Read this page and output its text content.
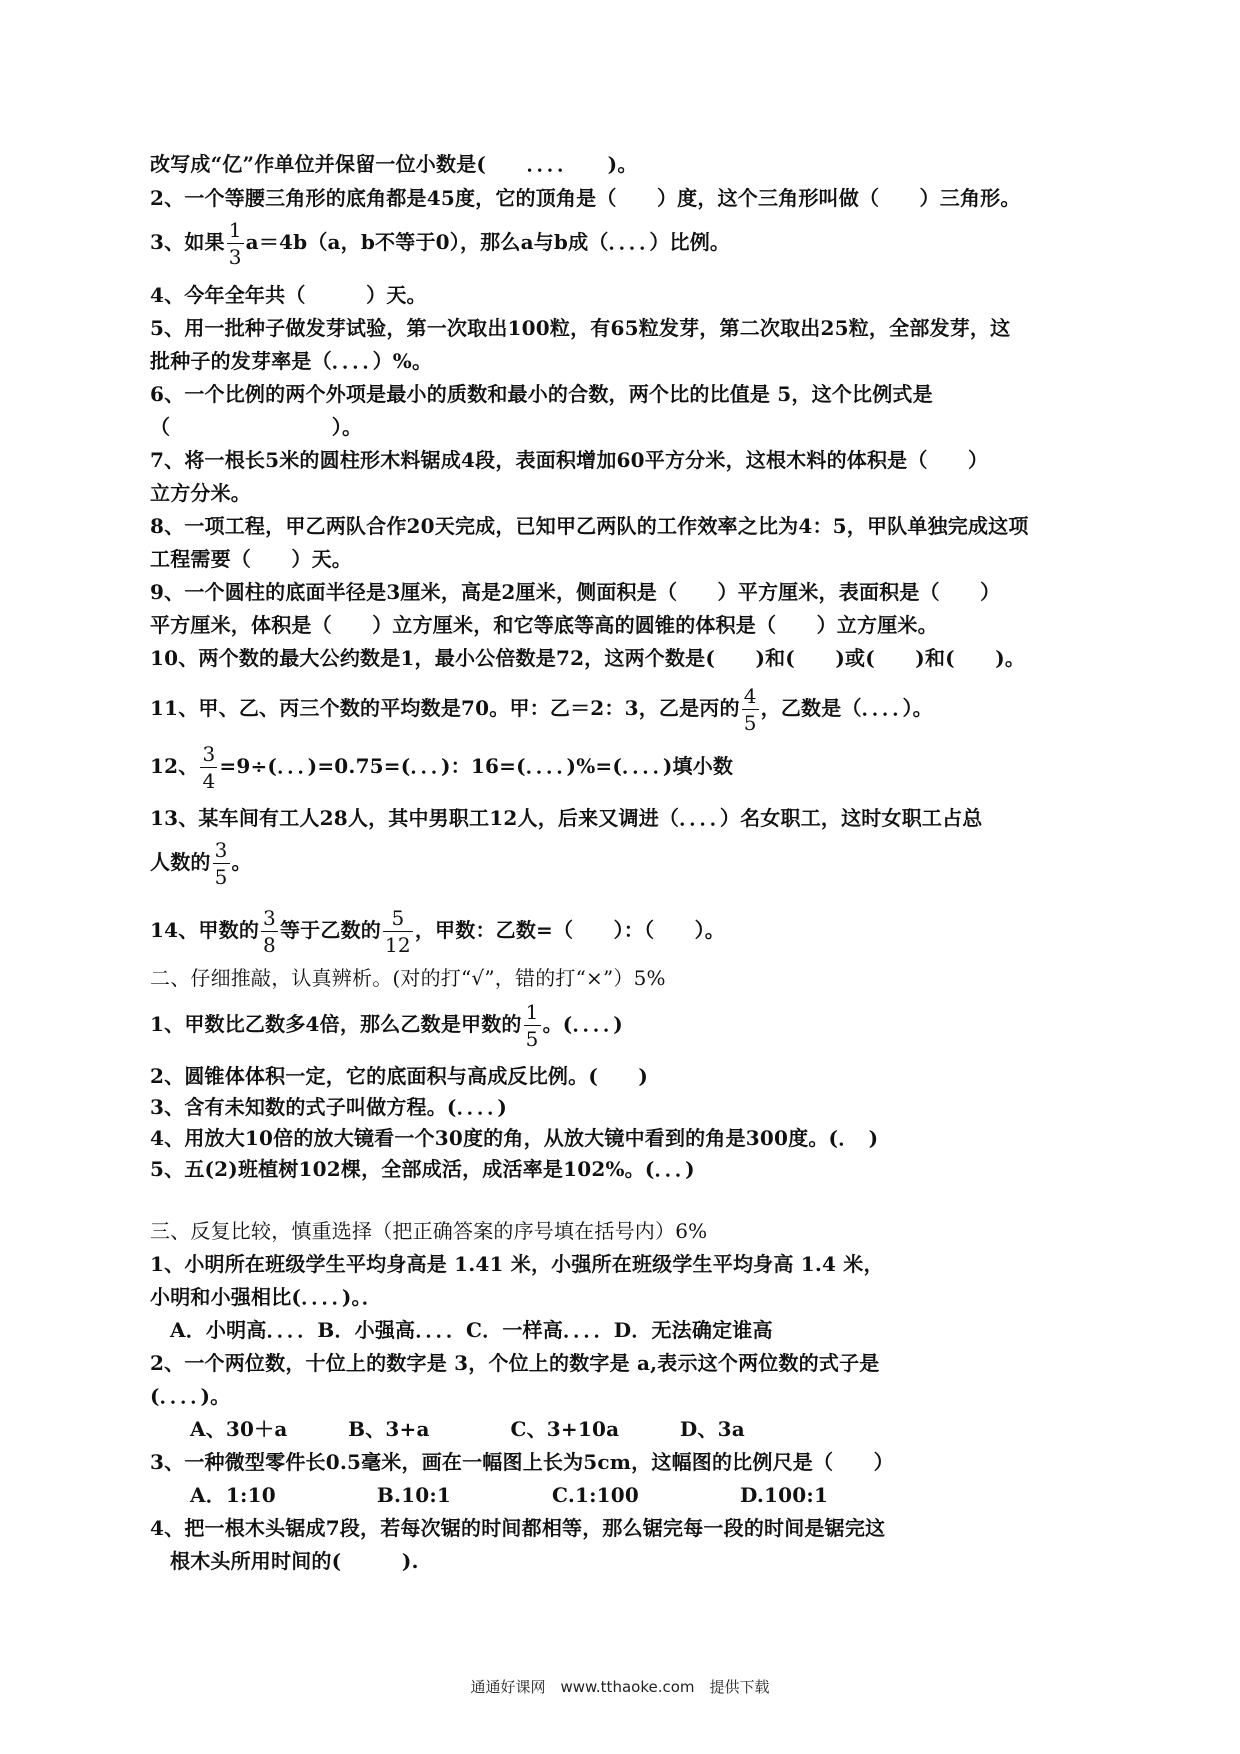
改写成“亿”作单位并保留一位小数是(　　．．．．　　)。
2、一个等腰三角形的底角都是45度，它的顶角是（　　）度，这个三角形叫做（　　）三角形。
3、如果 $\frac{1}{3} a=4b(a$，b不等于0），那么a与b成（．．．．）比例。
4、今年全年共（　　　）天。
5、用一批种子做发芽试验，第一次取出100粒，有65粒发芽，第二次取出25粒，全部发芽，这
批种子的发芽率是（．．．．）%。
6、一个比例的两个外项是最小的质数和最小的合数，两个比的比值是 5，这个比例式是
（　　　　　　　　）。
7、将一根长5米的圆柱形木料锯成4段，表面积增加60平方分米，这根木料的体积是（　　）
立方分米。
8、一项工程，甲乙两队合作20天完成，已知甲乙两队的工作效率之比为4：5，甲队单独完成这项
工程需要（　　）天。
9、一个圆柱的底面半径是3厘米，高是2厘米，侧面积是（　　）平方厘米，表面积是（　　）
平方厘米，体积是（　　）立方厘米，和它等底等高的圆锥的体积是（　　）立方厘米。
10、两个数的最大公约数是1，最小公倍数是72，这两个数是(　　)和(　　)或(　　)和(　　)。
11、甲、乙、丙三个数的平均数是70。甲：乙＝2：3，乙是丙的 $\frac{4}{5}$ ，乙数是（．．．．）。
12、 $\frac{3}{4} =9\div$(．．．)=0.75=(．．．)：16=(．．．．)%=(．．．．)填小数
13、某车间有工人28人，其中男职工12人，后来又调进（．．．．）名女职工，这时女职工占总
人数的 $\frac{3}{5}$ 。
14、甲数的 $\frac{3}{8}$ 等于乙数的 $\frac{5}{12}$ ，甲数：乙数=（　　）：（　　）。
二、仔细推敲，认真辨析。(对的打“√”，错的打“×”）5%
1、甲数比乙数多4倍，那么乙数是甲数的 $\frac{1}{5}$ 。(．．．．)
2、圆锥体体积一定，它的底面积与高成反比例。(　　)
3、含有未知数的式子叫做方程。(．．．．)
4、用放大10倍的放大镜看一个30度的角，从放大镜中看到的角是300度。(．　)
5、五(2)班植树102棵，全部成活，成活率是102%。(．．．)
三、反复比较，慎重选择（把正确答案的序号填在括号内）6%
1、小明所在班级学生平均身高是 1.41 米，小强所在班级学生平均身高 1.4 米，
小明和小强相比(．．．．)。．
A．小明高．．．．B．小强高．．．．C．一样高．．．．D．无法确定谁高
2、一个两位数，十位上的数字是 3，个位上的数字是 a,表示这个两位数的式子是
(．．．．)。
A、30＋a　　　B、3+a　　　　C、3+10a　　　D、3a
3、一种微型零件长0.5毫米，画在一幅图上长为5cm，这幅图的比例尺是（　　）
A．1:10　　　　　B.10:1　　　　　C.1:100　　　　　D.100:1
4、把一根木头锯成7段，若每次锯的时间都相等，那么锯完每一段的时间是锯完这
根木头所用时间的(　　　).
通通好课网　www.tthaoke.com　提供下载
